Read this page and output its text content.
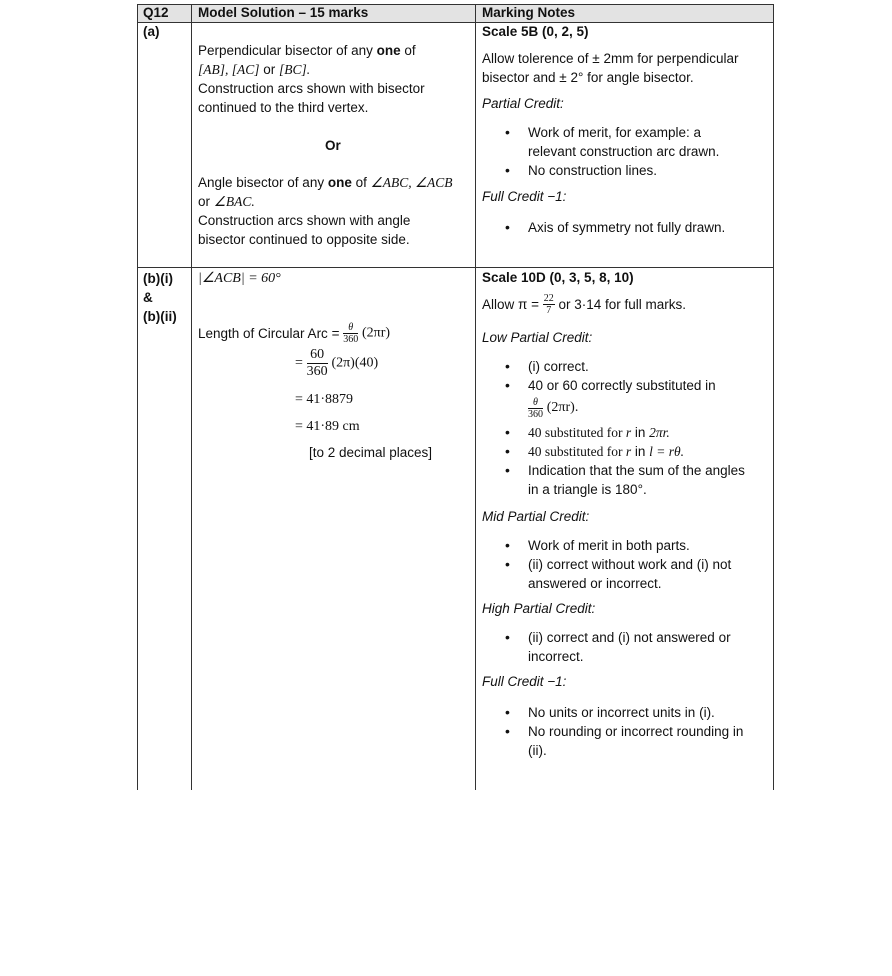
Q12 Model Solution – 15 marks	Marking Notes
(a)
Perpendicular bisector of any one of
[AB], [AC] or [BC].
Construction arcs shown with bisector
continued to the third vertex.
Or
Angle bisector of any one of ∠ABC, ∠ACB
or ∠BAC.
Construction arcs shown with angle
bisector continued to opposite side.
Scale 5B (0, 2, 5)
Allow tolerence of ± 2mm for perpendicular
bisector and ± 2° for angle bisector.
Partial Credit:
• Work of merit, for example: a
relevant construction arc drawn.
• No construction lines.
Full Credit −1:
• Axis of symmetry not fully drawn.
(b)(i)
&
(b)(ii)
|∠ACB| = 60°
Length of Circular Arc = $\frac{\theta}{360} (2\pi r)$
= $\frac{60}{360} (2\pi)(40)$
= 41·8879
= 41·89 cm
[to 2 decimal places]
Scale 10D (0, 3, 5, 8, 10)
Allow $\pi = \frac{22}{7}$ or 3·14 for full marks.
Low Partial Credit:
• (i) correct.
• 40 or 60 correctly substituted in

$\frac{\theta}{360} (2\pi r)$.
• 40 substituted for r in 2πr.
• 40 substituted for r in l = rθ.
• Indication that the sum of the angles
in a triangle is 180°.
Mid Partial Credit:
• Work of merit in both parts.
• (ii) correct without work and (i) not
answered or incorrect.
High Partial Credit:
• (ii) correct and (i) not answered or
incorrect.
Full Credit −1:
• No units or incorrect units in (i).
• No rounding or incorrect rounding in
(ii).
